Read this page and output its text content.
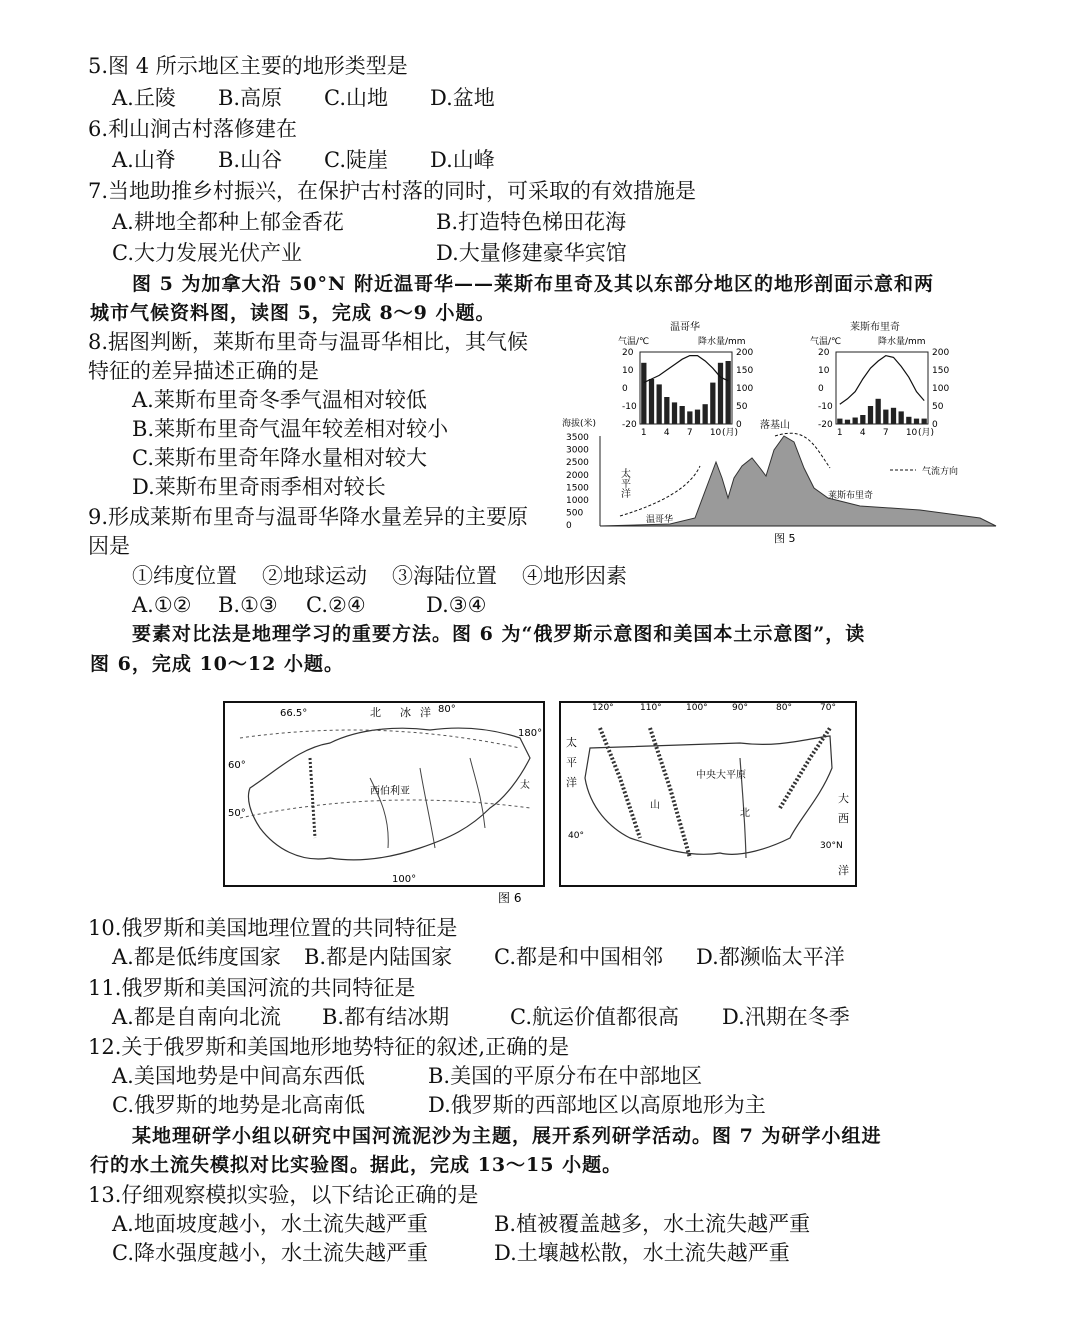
5.图 4 所示地区主要的地形类型是
A.丘陵 B.高原 C.山地 D.盆地
6.利山涧古村落修建在
A.山脊 B.山谷 C.陡崖 D.山峰
7.当地助推乡村振兴，在保护古村落的同时，可采取的有效措施是
A.耕地全都种上郁金香花	B.打造特色梯田花海
C.大力发展光伏产业	D.大量修建豪华宾馆
图 5 为加拿大沿 50°N 附近温哥华——莱斯布里奇及其以东部分地区的地形剖面示意和两
城市气候资料图，读图 5，完成 8～9 小题。
8.据图判断，莱斯布里奇与温哥华相比，其气候
特征的差异描述正确的是
A.莱斯布里奇冬季气温相对较低
B.莱斯布里奇气温年较差相对较小
C.莱斯布里奇年降水量相对较大
D.莱斯布里奇雨季相对较长
9.形成莱斯布里奇与温哥华降水量差异的主要原
因是
①纬度位置 ②地球运动 ③海陆位置 ④地形因素
A.①② B.①③ C.②④	D.③④
温哥华
气温/℃	降水量/mm
20
10
0
-10
-20
200
150
100
50
0
1 4 7 10 (月)
莱斯布里奇
气温/℃	降水量/mm
20
10
0
-10
-20
200
150
100
50
0
1 4 7 10 (月)
海拔(米)
3500
3000
2500
2000
1500
1000
500
0
太平洋
落基山
气流方向
温哥华
莱斯布里奇
图 5
要素对比法是地理学习的重要方法。图 6 为“俄罗斯示意图和美国本土示意图”，读
图 6，完成 10～12 小题。
北 冰 洋
66.5°	80°
180°
60°
100°
50°
西伯利亚
太
120°	110°	100°	90°	80°	70°
太
平
洋
中央大平原
大
西
洋
北
山
30°N
40°
图 6
10.俄罗斯和美国地理位置的共同特征是
A.都是低纬度国家 B.都是内陆国家 C.都是和中国相邻 D.都濒临太平洋
11.俄罗斯和美国河流的共同特征是
A.都是自南向北流 B.都有结冰期	C.航运价值都很高 D.汛期在冬季
12.关于俄罗斯和美国地形地势特征的叙述,正确的是
A.美国地势是中间高东西低	B.美国的平原分布在中部地区
C.俄罗斯的地势是北高南低	D.俄罗斯的西部地区以高原地形为主
某地理研学小组以研究中国河流泥沙为主题，展开系列研学活动。图 7 为研学小组进
行的水土流失模拟对比实验图。据此，完成 13～15 小题。
13.仔细观察模拟实验，以下结论正确的是
A.地面坡度越小，水土流失越严重	B.植被覆盖越多，水土流失越严重
C.降水强度越小，水土流失越严重	D.土壤越松散，水土流失越严重
